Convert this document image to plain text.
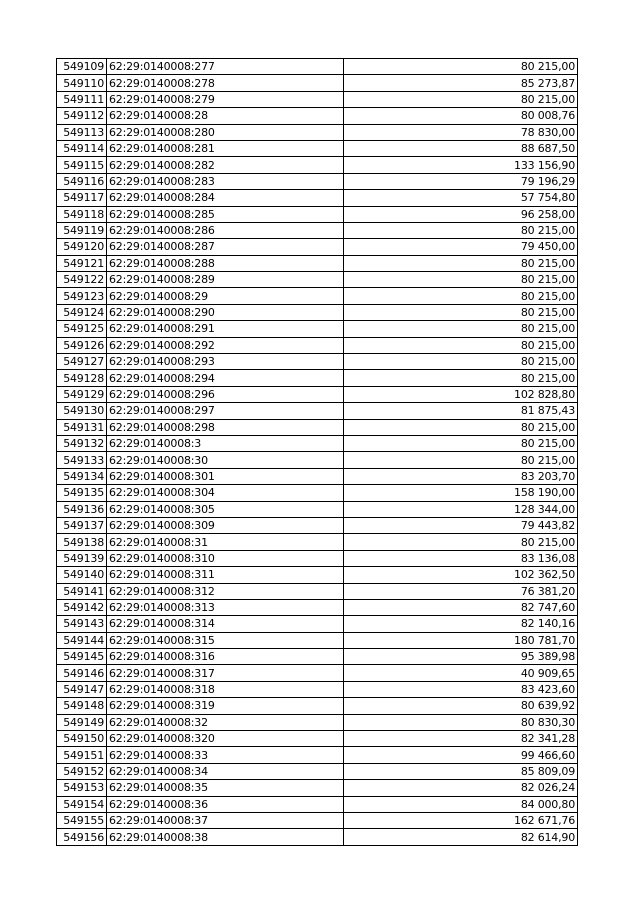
549109	62:29:0140008:277	80 215,00
549110	62:29:0140008:278	85 273,87
549111	62:29:0140008:279	80 215,00
549112	62:29:0140008:28	80 008,76
549113	62:29:0140008:280	78 830,00
549114	62:29:0140008:281	88 687,50
549115	62:29:0140008:282	133 156,90
549116	62:29:0140008:283	79 196,29
549117	62:29:0140008:284	57 754,80
549118	62:29:0140008:285	96 258,00
549119	62:29:0140008:286	80 215,00
549120	62:29:0140008:287	79 450,00
549121	62:29:0140008:288	80 215,00
549122	62:29:0140008:289	80 215,00
549123	62:29:0140008:29	80 215,00
549124	62:29:0140008:290	80 215,00
549125	62:29:0140008:291	80 215,00
549126	62:29:0140008:292	80 215,00
549127	62:29:0140008:293	80 215,00
549128	62:29:0140008:294	80 215,00
549129	62:29:0140008:296	102 828,80
549130	62:29:0140008:297	81 875,43
549131	62:29:0140008:298	80 215,00
549132	62:29:0140008:3	80 215,00
549133	62:29:0140008:30	80 215,00
549134	62:29:0140008:301	83 203,70
549135	62:29:0140008:304	158 190,00
549136	62:29:0140008:305	128 344,00
549137	62:29:0140008:309	79 443,82
549138	62:29:0140008:31	80 215,00
549139	62:29:0140008:310	83 136,08
549140	62:29:0140008:311	102 362,50
549141	62:29:0140008:312	76 381,20
549142	62:29:0140008:313	82 747,60
549143	62:29:0140008:314	82 140,16
549144	62:29:0140008:315	180 781,70
549145	62:29:0140008:316	95 389,98
549146	62:29:0140008:317	40 909,65
549147	62:29:0140008:318	83 423,60
549148	62:29:0140008:319	80 639,92
549149	62:29:0140008:32	80 830,30
549150	62:29:0140008:320	82 341,28
549151	62:29:0140008:33	99 466,60
549152	62:29:0140008:34	85 809,09
549153	62:29:0140008:35	82 026,24
549154	62:29:0140008:36	84 000,80
549155	62:29:0140008:37	162 671,76
549156	62:29:0140008:38	82 614,90
